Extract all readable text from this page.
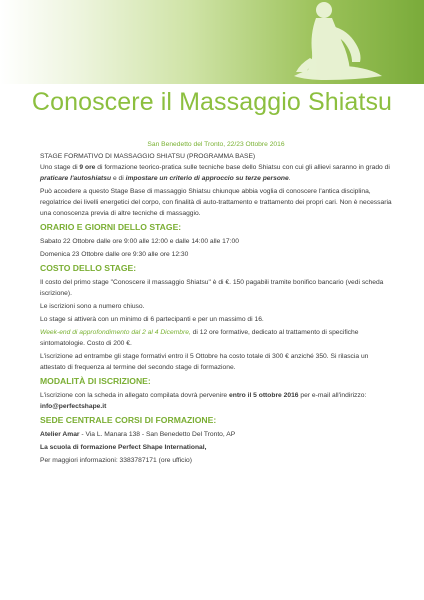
Conoscere il Massaggio Shiatsu

San Benedetto del Tronto, 22/23 Ottobre 2016

STAGE FORMATIVO DI MASSAGGIO SHIATSU (PROGRAMMA BASE)

Uno stage di 9 ore di formazione teorico-pratica sulle tecniche base dello Shiatsu con cui gli allievi saranno in grado di praticare l'autoshiatsu e di impostare un criterio di approccio su terze persone.

Può accedere a questo Stage Base di massaggio Shiatsu chiunque abbia voglia di conoscere l'antica disciplina, regolatrice dei livelli energetici del corpo, con finalità di auto-trattamento e trattamento dei propri cari. Non è necessaria una conoscenza previa di altre tecniche di massaggio.

ORARIO E GIORNI DELLO STAGE:

Sabato 22 Ottobre dalle ore 9:00 alle 12:00 e dalle 14:00 alle 17:00

Domenica 23 Ottobre dalle ore 9:30 alle ore 12:30

COSTO DELLO STAGE:

Il costo del primo stage "Conoscere il massaggio Shiatsu" è di €. 150 pagabili tramite bonifico bancario (vedi scheda iscrizione).

Le iscrizioni sono a numero chiuso.

Lo stage si attiverà con un minimo di 6 partecipanti e per un massimo di 16.

Week-end di approfondimento dal 2 al 4 Dicembre, di 12 ore formative, dedicato al trattamento di specifiche sintomatologie. Costo di 200 €.

L'iscrizione ad entrambe gli stage formativi entro il 5 Ottobre ha costo totale di 300 € anziché 350. Si rilascia un attestato di frequenza al termine del secondo stage di formazione.

MODALITÀ DI ISCRIZIONE:

L'iscrizione con la scheda in allegato compilata dovrà pervenire entro il 5 ottobre 2016 per e-mail all'indirizzo: info@perfectshape.it

SEDE CENTRALE CORSI DI FORMAZIONE:

Atelier Amar - Via L. Manara 138 - San Benedetto Del Tronto, AP

La scuola di formazione Perfect Shape International,

Per maggiori informazioni: 3383787171 (ore ufficio)
